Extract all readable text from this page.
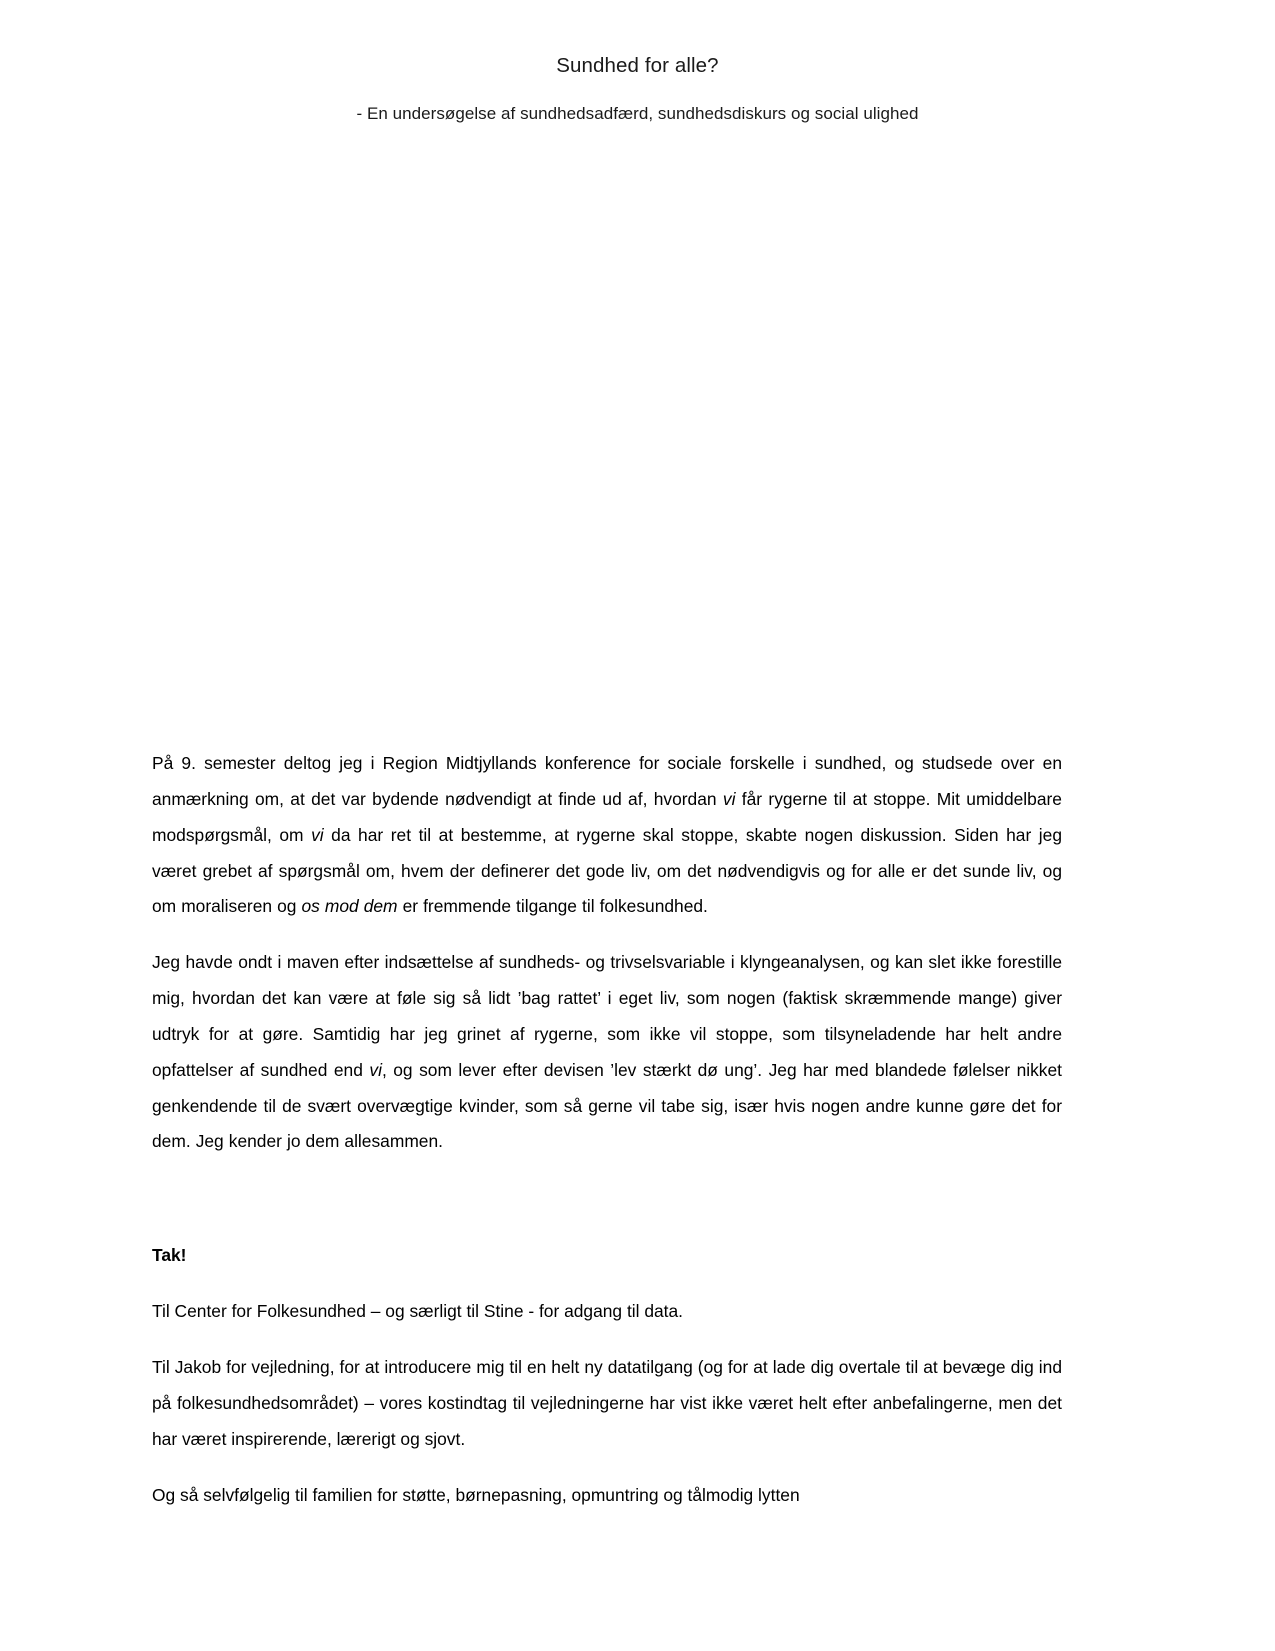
Sundhed for alle?
- En undersøgelse af sundhedsadfærd, sundhedsdiskurs og social ulighed

På 9. semester deltog jeg i Region Midtjyllands konference for sociale forskelle i sundhed, og studsede over en anmærkning om, at det var bydende nødvendigt at finde ud af, hvordan vi får rygerne til at stoppe. Mit umiddelbare modspørgsmål, om vi da har ret til at bestemme, at rygerne skal stoppe, skabte nogen diskussion. Siden har jeg været grebet af spørgsmål om, hvem der definerer det gode liv, om det nødvendigvis og for alle er det sunde liv, og om moraliseren og os mod dem er fremmende tilgange til folkesundhed.

Jeg havde ondt i maven efter indsættelse af sundheds- og trivselsvariable i klyngeanalysen, og kan slet ikke forestille mig, hvordan det kan være at føle sig så lidt ’bag rattet’ i eget liv, som nogen (faktisk skræmmende mange) giver udtryk for at gøre. Samtidig har jeg grinet af rygerne, som ikke vil stoppe, som tilsyneladende har helt andre opfattelser af sundhed end vi, og som lever efter devisen ’lev stærkt dø ung’. Jeg har med blandede følelser nikket genkendende til de svært overvægtige kvinder, som så gerne vil tabe sig, især hvis nogen andre kunne gøre det for dem. Jeg kender jo dem allesammen.

Tak!

Til Center for Folkesundhed – og særligt til Stine - for adgang til data.

Til Jakob for vejledning, for at introducere mig til en helt ny datatilgang (og for at lade dig overtale til at bevæge dig ind på folkesundhedsområdet) – vores kostindtag til vejledningerne har vist ikke været helt efter anbefalingerne, men det har været inspirerende, lærerigt og sjovt.

Og så selvfølgelig til familien for støtte, børnepasning, opmuntring og tålmodig lytten
